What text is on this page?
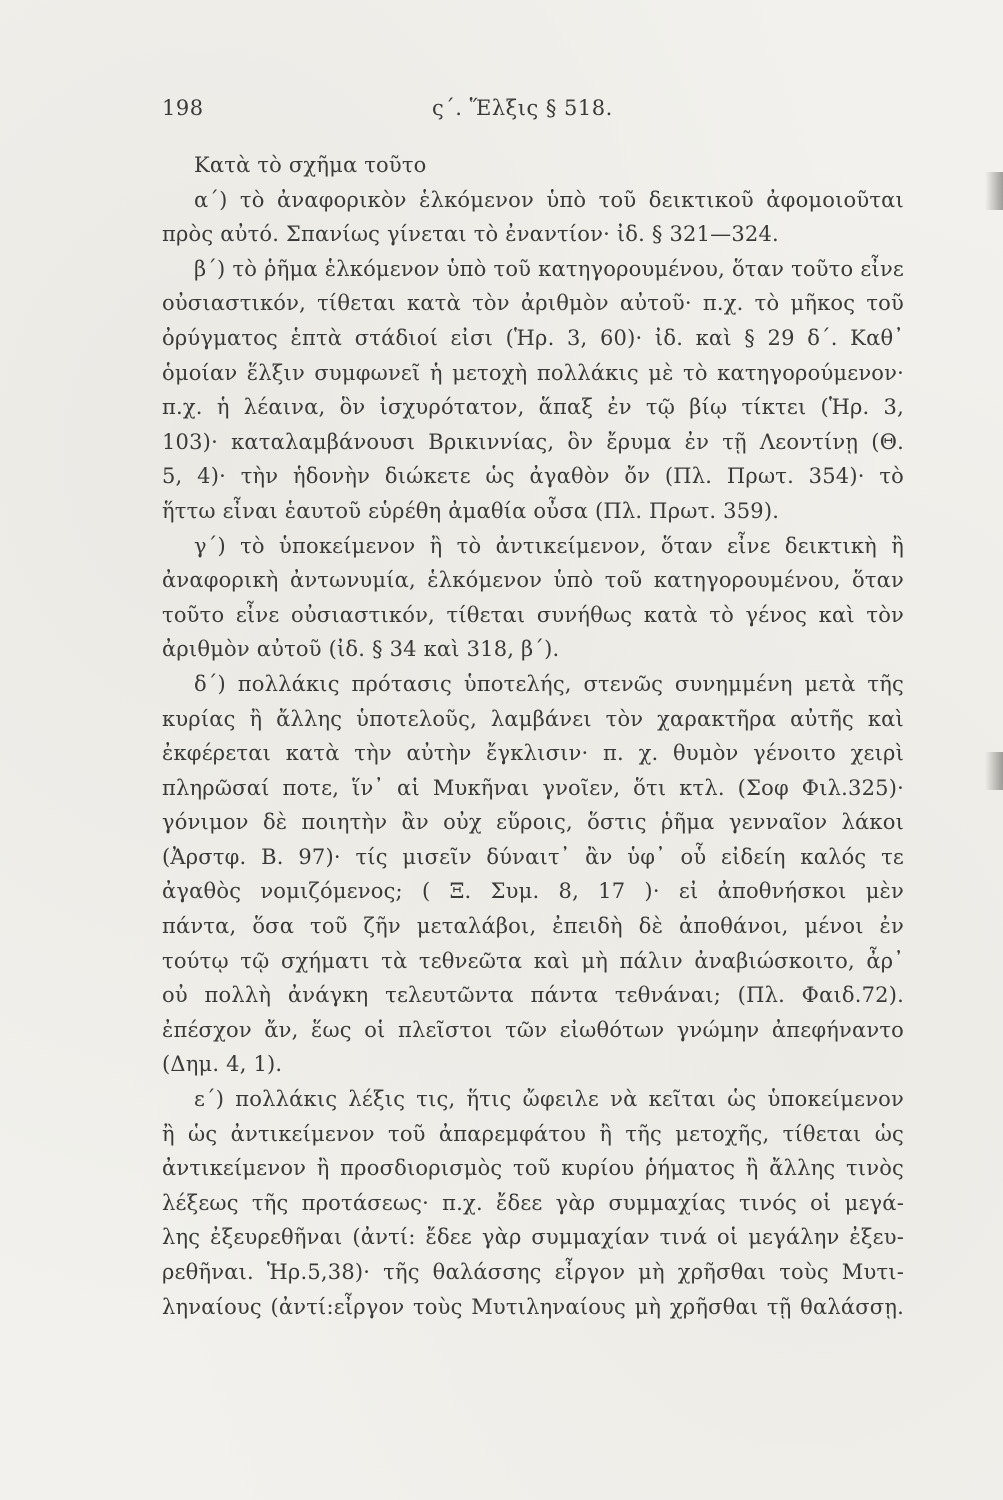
198	ς΄. Ἕλξις § 518.
Κατὰ τὸ σχῆμα τοῦτο
α΄) τὸ ἀναφορικὸν ἑλκόμενον ὑπὸ τοῦ δεικτικοῦ ἀφομοιοῦται
πρὸς αὐτό. Σπανίως γίνεται τὸ ἐναντίον· ἰδ. § 321—324.
β΄) τὸ ῥῆμα ἑλκόμενον ὑπὸ τοῦ κατηγορουμένου, ὅταν τοῦτο εἶνε
οὐσιαστικόν, τίθεται κατὰ τὸν ἀριθμὸν αὐτοῦ· π.χ. τὸ μῆκος τοῦ
ὀρύγματος ἑπτὰ στάδιοί εἰσι (Ἡρ. 3, 60)· ἰδ. καὶ § 29 δ΄. Καθ᾽
ὁμοίαν ἕλξιν συμφωνεῖ ἡ μετοχὴ πολλάκις μὲ τὸ κατηγορούμενον·
π.χ. ἡ λέαινα, ὃν ἰσχυρότατον, ἅπαξ ἐν τῷ βίῳ τίκτει (Ἡρ. 3,
103)· καταλαμβάνουσι Βρικιννίας, ὃν ἔρυμα ἐν τῇ Λεοντίνῃ (Θ.
5, 4)· τὴν ἡδονὴν διώκετε ὡς ἀγαθὸν ὄν (Πλ. Πρωτ. 354)· τὸ
ἥττω εἶναι ἑαυτοῦ εὑρέθη ἀμαθία οὖσα (Πλ. Πρωτ. 359).
γ΄) τὸ ὑποκείμενον ἢ τὸ ἀντικείμενον, ὅταν εἶνε δεικτικὴ ἢ
ἀναφορικὴ ἀντωνυμία, ἑλκόμενον ὑπὸ τοῦ κατηγορουμένου, ὅταν
τοῦτο εἶνε οὐσιαστικόν, τίθεται συνήθως κατὰ τὸ γένος καὶ τὸν
ἀριθμὸν αὐτοῦ (ἰδ. § 34 καὶ 318, β΄).
δ΄) πολλάκις πρότασις ὑποτελής, στενῶς συνημμένη μετὰ τῆς
κυρίας ἢ ἄλλης ὑποτελοῦς, λαμβάνει τὸν χαρακτῆρα αὐτῆς καὶ
ἐκφέρεται κατὰ τὴν αὐτὴν ἔγκλισιν· π. χ. θυμὸν γένοιτο χειρὶ
πληρῶσαί ποτε, ἵν᾽ αἱ Μυκῆναι γνοῖεν, ὅτι κτλ. (Σοφ Φιλ.325)·
γόνιμον δὲ ποιητὴν ἂν οὐχ εὕροις, ὅστις ῥῆμα γενναῖον λάκοι
(Ἀρστφ. Β. 97)· τίς μισεῖν δύναιτ᾽ ἂν ὑφ᾽ οὗ εἰδείη καλός τε
ἀγαθὸς νομιζόμενος; ( Ξ. Συμ. 8, 17 )· εἰ ἀποθνήσκοι μὲν
πάντα, ὅσα τοῦ ζῆν μεταλάβοι, ἐπειδὴ δὲ ἀποθάνοι, μένοι ἐν
τούτῳ τῷ σχήματι τὰ τεθνεῶτα καὶ μὴ πάλιν ἀναβιώσκοιτο, ἆρ᾽
οὐ πολλὴ ἀνάγκη τελευτῶντα πάντα τεθνάναι; (Πλ. Φαιδ.72).
ἐπέσχον ἄν, ἕως οἱ πλεῖστοι τῶν εἰωθότων γνώμην ἀπεφήναντο
(Δημ. 4, 1).
ε΄) πολλάκις λέξις τις, ἥτις ὤφειλε νὰ κεῖται ὡς ὑποκείμενον
ἢ ὡς ἀντικείμενον τοῦ ἀπαρεμφάτου ἢ τῆς μετοχῆς, τίθεται ὡς
ἀντικείμενον ἢ προσδιορισμὸς τοῦ κυρίου ῥήματος ἢ ἄλλης τινὸς
λέξεως τῆς προτάσεως· π.χ. ἔδεε γὰρ συμμαχίας τινός οἱ μεγά-
λης ἐξευρεθῆναι (ἀντί: ἔδεε γὰρ συμμαχίαν τινά οἱ μεγάλην ἐξευ-
ρεθῆναι. Ἡρ.5,38)· τῆς θαλάσσης εἶργον μὴ χρῆσθαι τοὺς Μυτι-
ληναίους (ἀντί:εἶργον τοὺς Μυτιληναίους μὴ χρῆσθαι τῇ θαλάσσῃ.
